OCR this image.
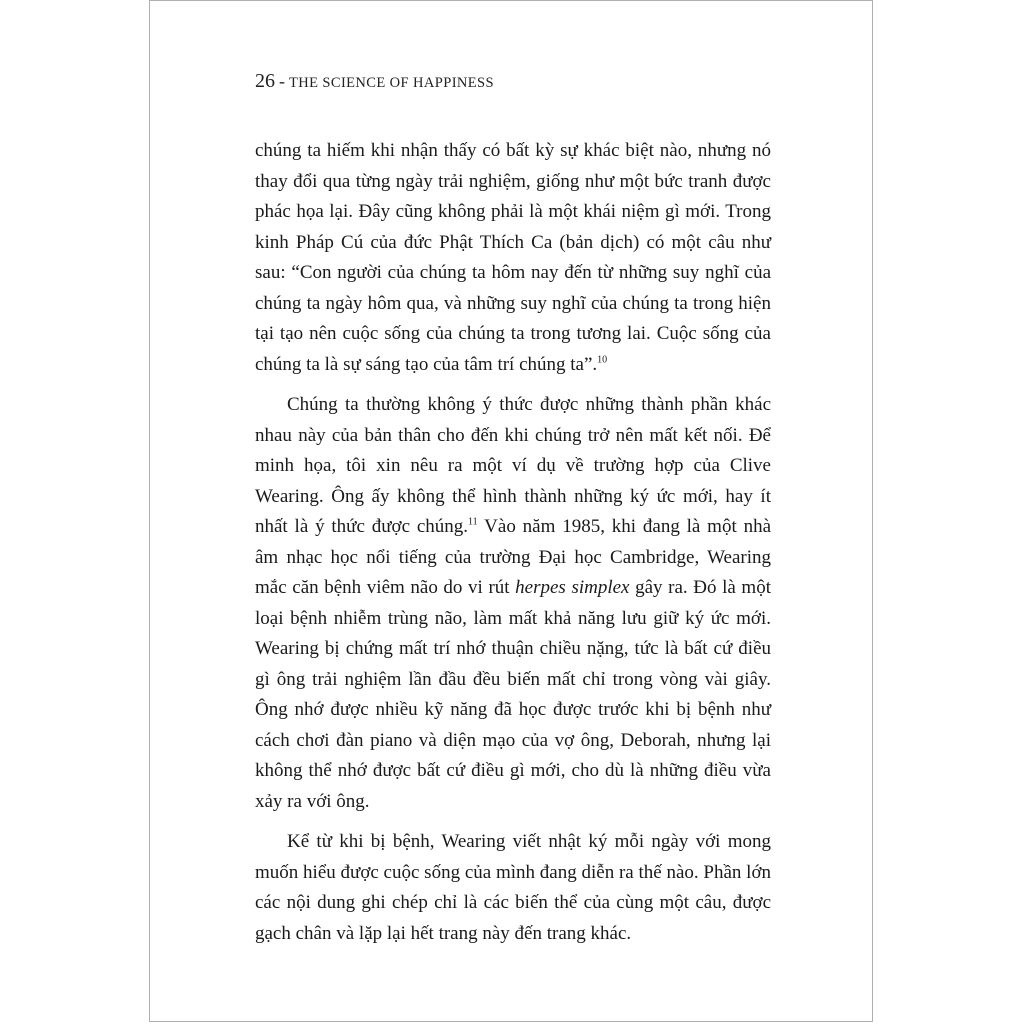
26 - THE SCIENCE OF HAPPINESS

chúng ta hiếm khi nhận thấy có bất kỳ sự khác biệt nào, nhưng nó thay đổi qua từng ngày trải nghiệm, giống như một bức tranh được phác họa lại. Đây cũng không phải là một khái niệm gì mới. Trong kinh Pháp Cú của đức Phật Thích Ca (bản dịch) có một câu như sau: “Con người của chúng ta hôm nay đến từ những suy nghĩ của chúng ta ngày hôm qua, và những suy nghĩ của chúng ta trong hiện tại tạo nên cuộc sống của chúng ta trong tương lai. Cuộc sống của chúng ta là sự sáng tạo của tâm trí chúng ta”.$^{10}$

Chúng ta thường không ý thức được những thành phần khác nhau này của bản thân cho đến khi chúng trở nên mất kết nối. Để minh họa, tôi xin nêu ra một ví dụ về trường hợp của Clive Wearing. Ông ấy không thể hình thành những ký ức mới, hay ít nhất là ý thức được chúng.$^{11}$ Vào năm 1985, khi đang là một nhà âm nhạc học nổi tiếng của trường Đại học Cambridge, Wearing mắc căn bệnh viêm não do vi rút herpes simplex gây ra. Đó là một loại bệnh nhiễm trùng não, làm mất khả năng lưu giữ ký ức mới. Wearing bị chứng mất trí nhớ thuận chiều nặng, tức là bất cứ điều gì ông trải nghiệm lần đầu đều biến mất chỉ trong vòng vài giây. Ông nhớ được nhiều kỹ năng đã học được trước khi bị bệnh như cách chơi đàn piano và diện mạo của vợ ông, Deborah, nhưng lại không thể nhớ được bất cứ điều gì mới, cho dù là những điều vừa xảy ra với ông.

Kể từ khi bị bệnh, Wearing viết nhật ký mỗi ngày với mong muốn hiểu được cuộc sống của mình đang diễn ra thế nào. Phần lớn các nội dung ghi chép chỉ là các biến thể của cùng một câu, được gạch chân và lặp lại hết trang này đến trang khác.
